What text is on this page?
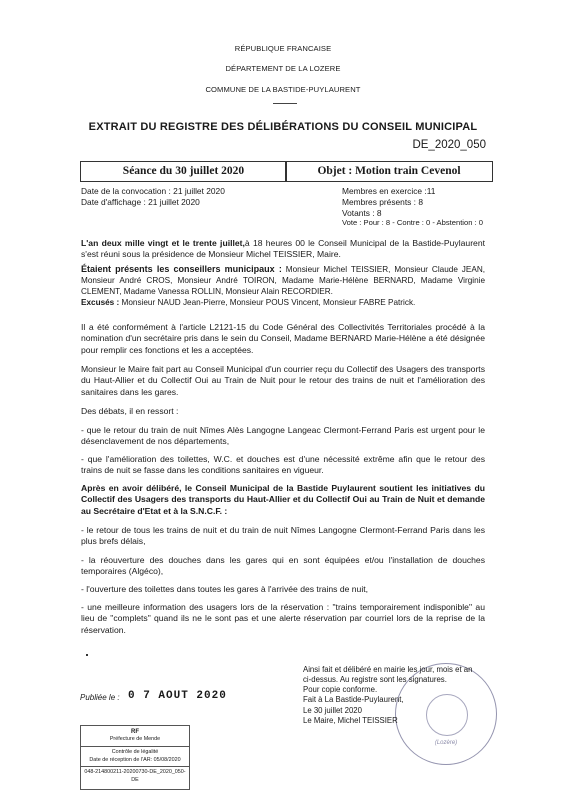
RÉPUBLIQUE FRANCAISE
DÉPARTEMENT DE LA LOZERE
COMMUNE DE LA BASTIDE-PUYLAURENT
EXTRAIT DU REGISTRE DES DÉLIBÉRATIONS DU CONSEIL MUNICIPAL
DE_2020_050
Séance du 30 juillet 2020	Objet : Motion train Cevenol
Date de la convocation : 21 juillet 2020
Date d'affichage : 21 juillet 2020
Membres en exercice :11
Membres présents : 8
Votants : 8
Vote : Pour : 8 - Contre : 0 - Abstention : 0
L'an deux mille vingt et le trente juillet,à 18 heures 00 le Conseil Municipal de la Bastide-Puylaurent s'est réuni sous la présidence de Monsieur Michel TEISSIER, Maire.
Étaient présents les conseillers municipaux : Monsieur Michel TEISSIER, Monsieur Claude JEAN, Monsieur André CROS, Monsieur André TOIRON, Madame Marie-Hélène BERNARD, Madame Virginie CLEMENT, Madame Vanessa ROLLIN, Monsieur Alain RECORDIER.
Excusés : Monsieur NAUD Jean-Pierre, Monsieur POUS Vincent, Monsieur FABRE Patrick.
Il a été conformément à l'article L2121-15 du Code Général des Collectivités Territoriales procédé à la nomination d'un secrétaire pris dans le sein du Conseil, Madame BERNARD Marie-Hélène a été désignée pour remplir ces fonctions et les a acceptées.
Monsieur le Maire fait part au Conseil Municipal d'un courrier reçu du Collectif des Usagers des transports du Haut-Allier et du Collectif Oui au Train de Nuit pour le retour des trains de nuit et l'amélioration des sanitaires dans les gares.
Des débats, il en ressort :
- que le retour du train de nuit Nîmes Alès Langogne Langeac Clermont-Ferrand Paris est urgent pour le désenclavement de nos départements,
- que l'amélioration des toilettes, W.C. et douches est d'une nécessité extrême afin que le retour des trains de nuit se fasse dans les conditions sanitaires en vigueur.
Après en avoir délibéré, le Conseil Municipal de la Bastide Puylaurent soutient les initiatives du Collectif des Usagers des transports du Haut-Allier et du Collectif Oui au Train de Nuit et demande au Secrétaire d'Etat et à la S.N.C.F. :
- le retour de tous les trains de nuit et du train de nuit Nîmes Langogne Clermont-Ferrand Paris dans les plus brefs délais,
- la réouverture des douches dans les gares qui en sont équipées et/ou l'installation de douches temporaires (Algéco),
- l'ouverture des toilettes dans toutes les gares à l'arrivée des trains de nuit,
- une meilleure information des usagers lors de la réservation : "trains temporairement indisponible" au lieu de "complets" quand ils ne le sont pas et une alerte réservation par courriel lors de la reprise de la réservation.
(Lozère)
Ainsi fait et délibéré en mairie les jour, mois et an
ci-dessus. Au registre sont les signatures.
Pour copie conforme.
Fait à La Bastide-Puylaurent,
Le 30 juillet 2020
Le Maire, Michel TEISSIER
Publiée le : 0 7 AOUT 2020
RF
Préfecture de Mende
Contrôle de légalité
Date de réception de l'AR: 05/08/2020
048-214800211-20200730-DE_2020_050-DE
